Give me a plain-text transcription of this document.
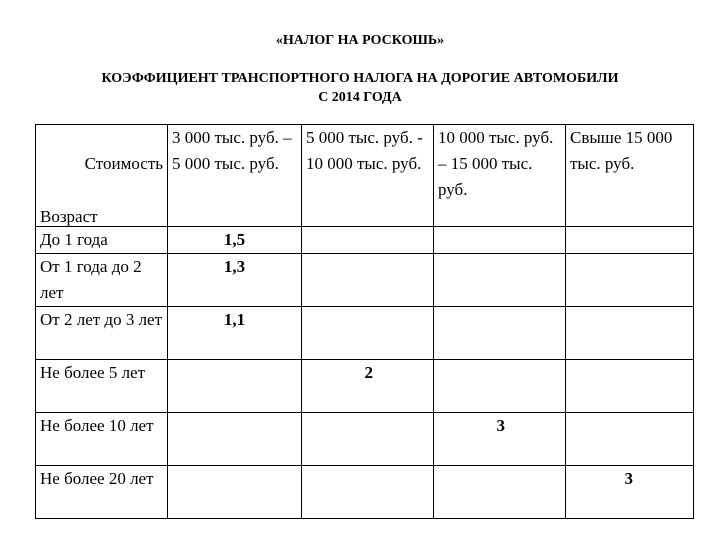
«НАЛОГ НА РОСКОШЬ»
КОЭФФИЦИЕНТ ТРАНСПОРТНОГО НАЛОГА НА ДОРОГИЕ АВТОМОБИЛИ
С 2014 ГОДА
Стоимость
Возраст	3 000 тыс. руб. – 5 000 тыс. руб.	5 000 тыс. руб. - 10 000 тыс. руб.	10 000 тыс. руб. – 15 000 тыс. руб.	Свыше 15 000 тыс. руб.
До 1 года	1,5			
От 1 года до 2 лет	1,3			
От 2 лет до 3 лет	1,1			
Не более 5 лет		2		
Не более 10 лет			3	
Не более 20 лет				3
